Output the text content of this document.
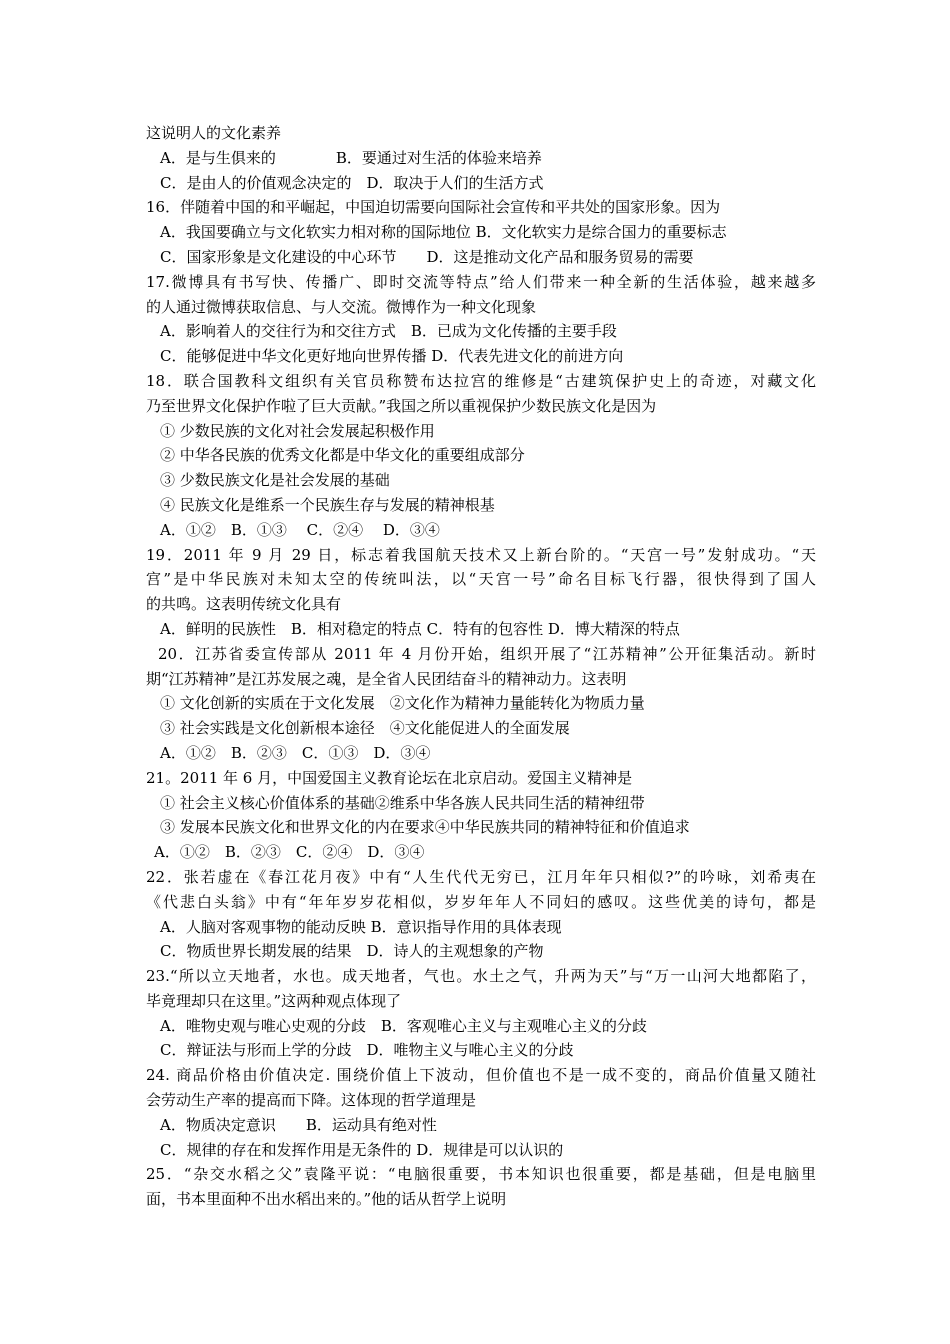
这说明人的文化素养
A．是与生俱来的　　　　B．要通过对生活的体验来培养
C．是由人的价值观念决定的　D．取决于人们的生活方式
16．伴随着中国的和平崛起，中国迫切需要向国际社会宣传和平共处的国家形象。因为
A．我国要确立与文化软实力相对称的国际地位 B．文化软实力是综合国力的重要标志
C．国家形象是文化建设的中心环节　　D．这是推动文化产品和服务贸易的需要
17.微博具有书写快、传播广、即时交流等特点”给人们带来一种全新的生活体验，越来越多
的人通过微博获取信息、与人交流。微博作为一种文化现象
A．影响着人的交往行为和交往方式　B．已成为文化传播的主要手段
C．能够促进中华文化更好地向世界传播 D．代表先进文化的前进方向
18．联合国教科文组织有关官员称赞布达拉宫的维修是“古建筑保护史上的奇迹，对藏文化
乃至世界文化保护作啦了巨大贡献。”我国之所以重视保护少数民族文化是因为
① 少数民族的文化对社会发展起积极作用
② 中华各民族的优秀文化都是中华文化的重要组成部分
③ 少数民族文化是社会发展的基础
④ 民族文化是维系一个民族生存与发展的精神根基
A．①②　B．①③　 C．②④　 D．③④
19．2011 年 9 月 29 日，标志着我国航天技术又上新台阶的。“天宫一号”发射成功。“天
宫”是中华民族对未知太空的传统叫法，以“天宫一号”命名目标飞行器，很快得到了国人
的共鸣。这表明传统文化具有
A．鲜明的民族性　B．相对稳定的特点 C．特有的包容性 D．博大精深的特点
20．江苏省委宣传部从 2011 年 4 月份开始，组织开展了“江苏精神”公开征集活动。新时
期“江苏精神”是江苏发展之魂，是全省人民团结奋斗的精神动力。这表明
① 文化创新的实质在于文化发展　②文化作为精神力量能转化为物质力量
③ 社会实践是文化创新根本途径　④文化能促进人的全面发展
A．①②　B．②③　C．①③　D．③④
21。2011 年 6 月，中国爱国主义教育论坛在北京启动。爱国主义精神是
① 社会主义核心价值体系的基础②维系中华各族人民共同生活的精神纽带
③ 发展本民族文化和世界文化的内在要求④中华民族共同的精神特征和价值追求
A．①②　B．②③　C．②④　D．③④
22．张若虚在《春江花月夜》中有“人生代代无穷已，江月年年只相似?”的吟咏，刘希夷在
《代悲白头翁》中有“年年岁岁花相似，岁岁年年人不同妇的感叹。这些优美的诗句，都是
A．人脑对客观事物的能动反映 B．意识指导作用的具体表现
C．物质世界长期发展的结果　D．诗人的主观想象的产物
23.“所以立天地者，水也。成天地者，气也。水土之气，升两为天”与“万一山河大地都陷了，
毕竟理却只在这里。”这两种观点体现了
A．唯物史观与唯心史观的分歧　B．客观唯心主义与主观唯心主义的分歧
C．辩证法与形而上学的分歧　D．唯物主义与唯心主义的分歧
24. 商品价格由价值决定. 围绕价值上下波动，但价值也不是一成不变的，商品价值量又随社
会劳动生产率的提高而下降。这体现的哲学道理是
A．物质决定意识　　B．运动具有绝对性
C．规律的存在和发挥作用是无条件的 D．规律是可以认识的
25．“杂交水稻之父”袁隆平说：“电脑很重要，书本知识也很重要，都是基础，但是电脑里
面，书本里面种不出水稻出来的。”他的话从哲学上说明
